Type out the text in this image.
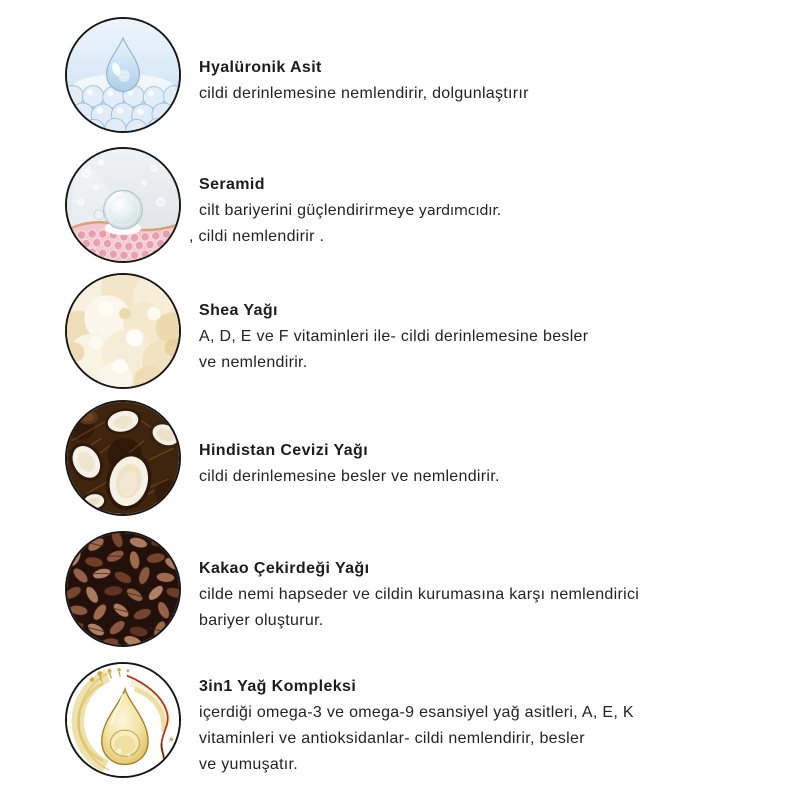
Hyalüronik Asit
cildi derinlemesine nemlendirir, dolgunlaştırır
Seramid
cilt bariyerini güçlendirirmeye yardımcıdır.
, cildi nemlendirir .
Shea Yağı
A, D, E ve F vitaminleri ile- cildi derinlemesine besler
ve nemlendirir.
Hindistan Cevizi Yağı
cildi derinlemesine besler ve nemlendirir.
Kakao Çekirdeği Yağı
cilde nemi hapseder ve cildin kurumasına karşı nemlendirici
bariyer oluşturur.
3in1 Yağ Kompleksi
içerdiği omega-3 ve omega-9 esansiyel yağ asitleri, A, E, K
vitaminleri ve antioksidanlar- cildi nemlendirir, besler
ve yumuşatır.
